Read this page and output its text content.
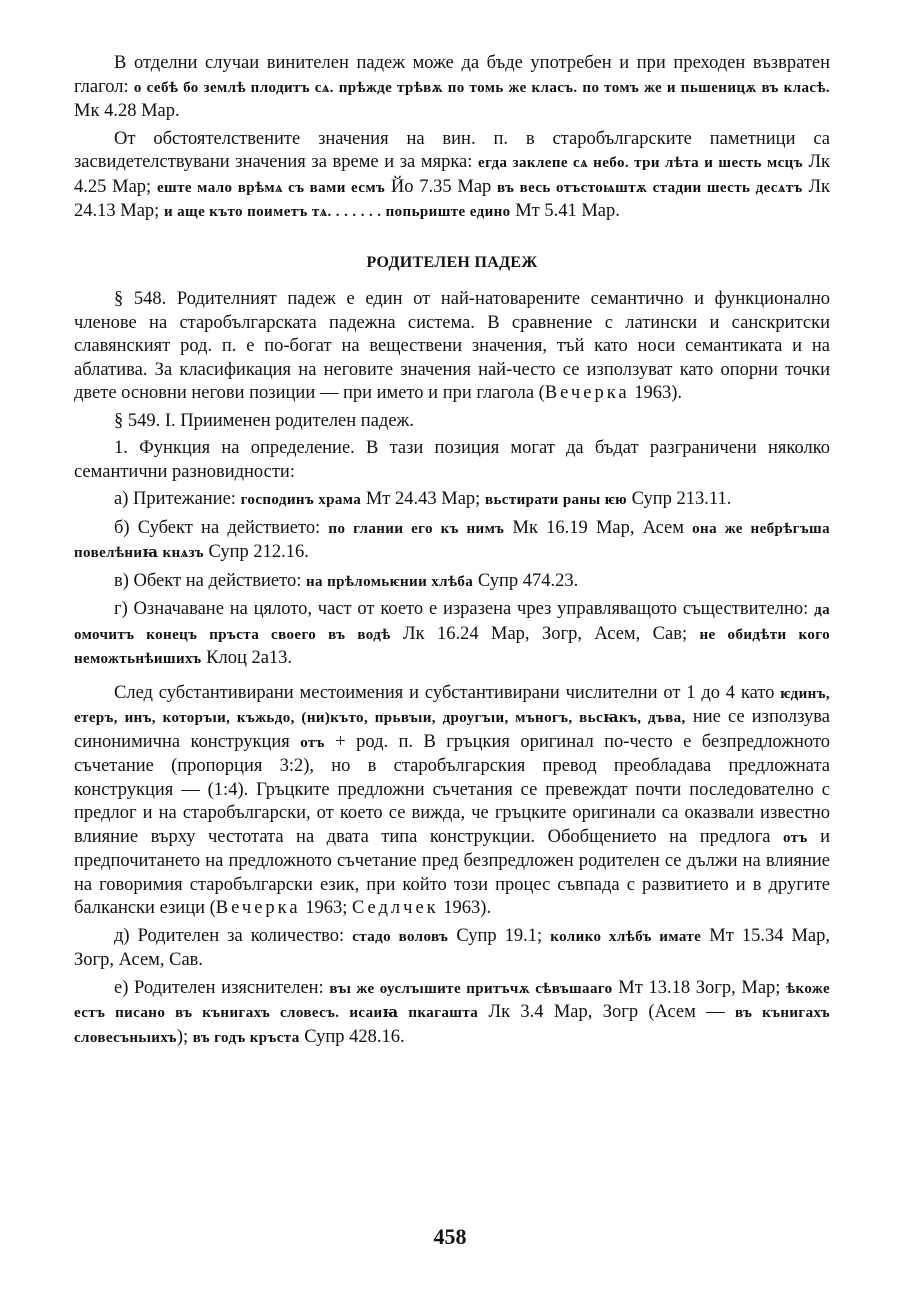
В отделни случаи винителен падеж може да бъде употребен и при преходен възвратен глагол: о себѣ бо землѣ плодитъ сѧ. прѣжде трѣвѫ по томь же класъ. по томъ же и пьшеницѫ въ класѣ. Мк 4.28 Мар.

От обстоятелствените значения на вин. п. в старобългарските паметници са засвидетелствувани значения за време и за мярка: егда заклепе сѧ небо. три лѣта и шесть мсцъ Лк 4.25 Мар; еште мало врѣмѧ съ вами есмъ Йо 7.35 Мар въ весь отъстоѩштѫ стадии шесть десѧтъ Лк 24.13 Мар; и аще къто поиметъ тѧ. . . . . . . попьриште едино Мт 5.41 Мар.

РОДИТЕЛЕН ПАДЕЖ

§ 548. Родителният падеж е един от най-натоварените семантично и функционално членове на старобългарската падежна система. В сравнение с латински и санскритски славянският род. п. е по-богат на веществени значения, тъй като носи семантиката и на аблатива. За класификация на неговите значения най-често се използуват като опорни точки двете основни негови позиции — при името и при глагола (Вечерка 1963).

§ 549. I. Приименен родителен падеж.

1. Функция на определение. В тази позиция могат да бъдат разграничени няколко семантични разновидности:

а) Притежание: господинъ храма Мт 24.43 Мар; вьстирати раны ѥю Супр 213.11.

б) Субект на действието: по глании его къ нимъ Мк 16.19 Мар, Асем она же небрѣгъша повелѣниꙗ кнѧзъ Супр 212.16.

в) Обект на действието: на прѣломьѥнии хлѣба Супр 474.23.

г) Означаване на цялото, част от което е изразена чрез управляващото съществително: да омочитъ конецъ пръста своего въ водѣ Лк 16.24 Мар, Зогр, Асем, Сав; не обидѣти кого неможтьнѣишихъ Клоц 2а13.

След субстантивирани местоимения и субстантивирани числителни от 1 до 4 като ѥдинъ, етеръ, инъ, которъıи, къжьдо, (ни)къто, прьвъıи, дроугъıи, мъногъ, вьсꙗкъ, дъва, ние се използува синонимична конструкция отъ + род. п. В гръцкия оригинал по-често е безпредложното съчетание (пропорция 3:2), но в старобългарския превод преобладава предложната конструкция — (1:4). Гръцките предложни съчетания се превеждат почти последователно с предлог и на старобългарски, от което се вижда, че гръцките оригинали са оказвали известно влияние върху честотата на двата типа конструкции. Обобщението на предлога отъ и предпочитането на предложното съчетание пред безпредложен родителен се дължи на влияние на говоримия старобългарски език, при който този процес съвпада с развитието и в другите балкански езици (Вечерка 1963; Седлчек 1963).

д) Родителен за количество: стадо воловъ Супр 19.1; колико хлѣбъ имате Мт 15.34 Мар, Зогр, Асем, Сав.

е) Родителен изяснителен: въı же оуслъıшите притъчѫ сѣвъшааго Мт 13.18 Зогр, Мар; ѣкоже естъ писано въ кънигахъ словесъ. исаиꙗ пкагашта Лк 3.4 Мар, Зогр (Асем — въ кънигахъ словесъньıихъ); въ годъ кръста Супр 428.16.

458
